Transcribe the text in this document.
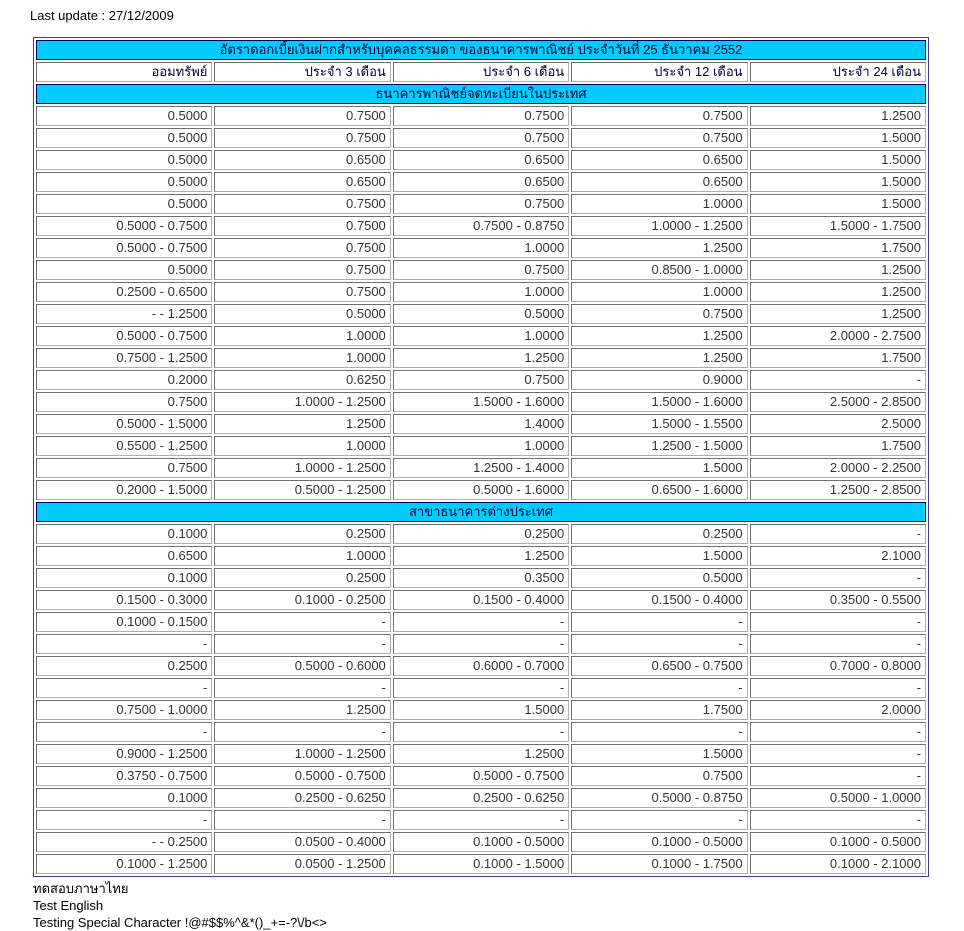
Last update : 27/12/2009
อัตราดอกเบี้ยเงินฝากสำหรับบุคคลธรรมดา ของธนาคารพาณิชย์ ประจำวันที่ 25 ธันวาคม 2552				
ออมทรัพย์	ประจำ 3 เดือน	ประจำ 6 เดือน	ประจำ 12 เดือน	ประจำ 24 เดือน
ธนาคารพาณิชย์จดทะเบียนในประเทศ				
0.5000	0.7500	0.7500	0.7500	1.2500
0.5000	0.7500	0.7500	0.7500	1.5000
0.5000	0.6500	0.6500	0.6500	1.5000
0.5000	0.6500	0.6500	0.6500	1.5000
0.5000	0.7500	0.7500	1.0000	1.5000
0.5000 - 0.7500	0.7500	0.7500 - 0.8750	1.0000 - 1.2500	1.5000 - 1.7500
0.5000 - 0.7500	0.7500	1.0000	1.2500	1.7500
0.5000	0.7500	0.7500	0.8500 - 1.0000	1.2500
0.2500 - 0.6500	0.7500	1.0000	1.0000	1.2500
- - 1.2500	0.5000	0.5000	0.7500	1.2500
0.5000 - 0.7500	1.0000	1.0000	1.2500	2.0000 - 2.7500
0.7500 - 1.2500	1.0000	1.2500	1.2500	1.7500
0.2000	0.6250	0.7500	0.9000	-
0.7500	1.0000 - 1.2500	1.5000 - 1.6000	1.5000 - 1.6000	2.5000 - 2.8500
0.5000 - 1.5000	1.2500	1.4000	1.5000 - 1.5500	2.5000
0.5500 - 1.2500	1.0000	1.0000	1.2500 - 1.5000	1.7500
0.7500	1.0000 - 1.2500	1.2500 - 1.4000	1.5000	2.0000 - 2.2500
0.2000 - 1.5000	0.5000 - 1.2500	0.5000 - 1.6000	0.6500 - 1.6000	1.2500 - 2.8500
สาขาธนาคารต่างประเทศ				
0.1000	0.2500	0.2500	0.2500	-
0.6500	1.0000	1.2500	1.5000	2.1000
0.1000	0.2500	0.3500	0.5000	-
0.1500 - 0.3000	0.1000 - 0.2500	0.1500 - 0.4000	0.1500 - 0.4000	0.3500 - 0.5500
0.1000 - 0.1500	-	-	-	-
-	-	-	-	-
0.2500	0.5000 - 0.6000	0.6000 - 0.7000	0.6500 - 0.7500	0.7000 - 0.8000
-	-	-	-	-
0.7500 - 1.0000	1.2500	1.5000	1.7500	2.0000
-	-	-	-	-
0.9000 - 1.2500	1.0000 - 1.2500	1.2500	1.5000	-
0.3750 - 0.7500	0.5000 - 0.7500	0.5000 - 0.7500	0.7500	-
0.1000	0.2500 - 0.6250	0.2500 - 0.6250	0.5000 - 0.8750	0.5000 - 1.0000
-	-	-	-	-
- - 0.2500	0.0500 - 0.4000	0.1000 - 0.5000	0.1000 - 0.5000	0.1000 - 0.5000
0.1000 - 1.2500	0.0500 - 1.2500	0.1000 - 1.5000	0.1000 - 1.7500	0.1000 - 2.1000
ทดสอบภาษาไทย
Test English
Testing Special Character !@#$$%^&*()_+=-?\/b<>
